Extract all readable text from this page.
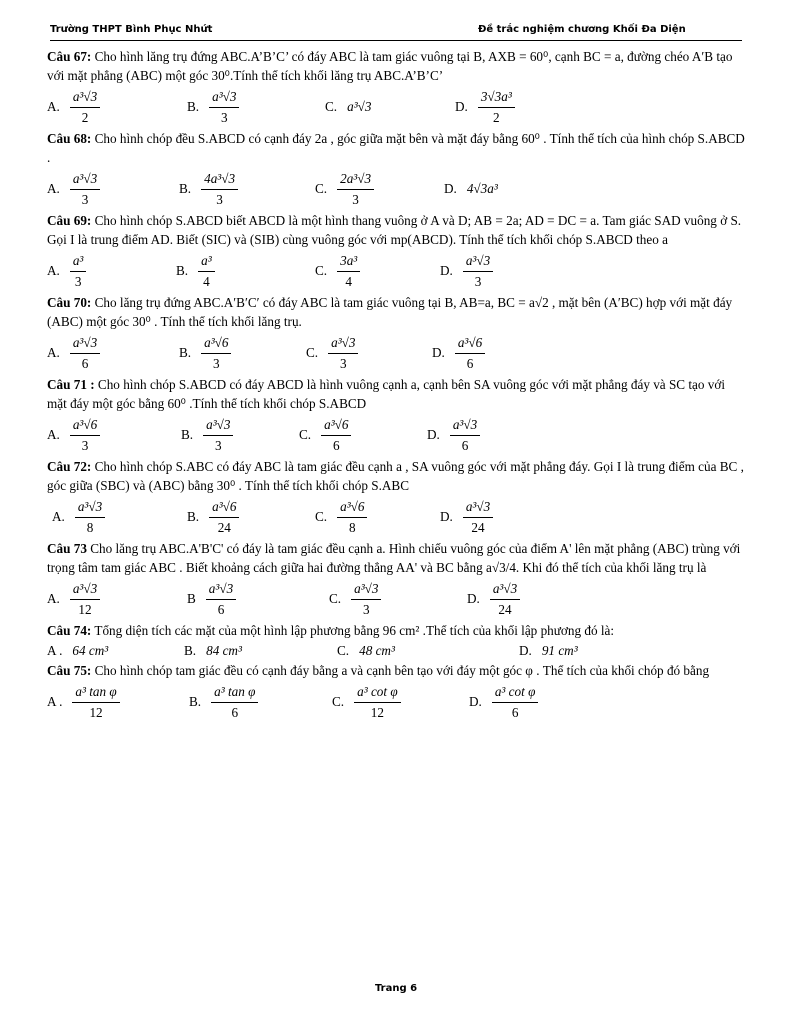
Trường THPT Bình Phục Nhứt	Đề trắc nghiệm chương Khối Đa Diện

Câu 67: Cho hình lăng trụ đứng ABC.A’B’C’ có đáy ABC là tam giác vuông tại B, AXB = 60⁰, cạnh BC = a, đường chéo A′B tạo với mặt phẳng (ABC) một góc 30⁰.Tính thể tích khối lăng trụ ABC.A’B’C’

A. $\frac{\text{a³√3}}{2}$	B. $\frac{\text{a³√3}}{3}$	C. a³√3	D. $\frac{\text{3√3a³}}{2}$

Câu 68: Cho hình chóp đều S.ABCD có cạnh đáy 2a , góc giữa mặt bên và mặt đáy bằng 60⁰ . Tính thể tích của hình chóp S.ABCD .

A. $\frac{\text{a³√3}}{3}$	B. $\frac{\text{4a³√3}}{3}$	C. $\frac{\text{2a³√3}}{3}$	D. 4√3a³

Câu 69: Cho hình chóp S.ABCD biết ABCD là một hình thang vuông ở A và D; AB = 2a; AD = DC = a. Tam giác SAD vuông ở S. Gọi I là trung điểm AD. Biết (SIC) và (SIB) cùng vuông góc với mp(ABCD). Tính thể tích khối chóp S.ABCD theo a

A. $\frac{\text{a³}}{3}$	B. $\frac{\text{a³}}{4}$	C. $\frac{\text{3a³}}{4}$	D. $\frac{\text{a³√3}}{3}$

Câu 70: Cho lăng trụ đứng ABC.A′B′C′ có đáy ABC là tam giác vuông tại B, AB=a, BC = a√2 , mặt bên (A′BC) hợp với mặt đáy (ABC) một góc 30⁰ . Tính thể tích khối lăng trụ.

A. $\frac{\text{a³√3}}{6}$	B. $\frac{\text{a³√6}}{3}$	C. $\frac{\text{a³√3}}{3}$	D. $\frac{\text{a³√6}}{6}$

Câu 71 : Cho hình chóp S.ABCD có đáy ABCD là hình vuông cạnh a, cạnh bên SA vuông góc với mặt phẳng đáy và SC tạo với mặt đáy một góc bằng 60⁰ .Tính thể tích khối chóp S.ABCD

A. $\frac{\text{a³√6}}{3}$	B. $\frac{\text{a³√3}}{3}$	C. $\frac{\text{a³√6}}{6}$	D. $\frac{\text{a³√3}}{6}$

Câu 72: Cho hình chóp S.ABC có đáy ABC là tam giác đều cạnh a , SA vuông góc với mặt phẳng đáy. Gọi I là trung điểm của BC , góc giữa (SBC) và (ABC) bằng 30⁰ . Tính thể tích khối chóp S.ABC

A. $\frac{\text{a³√3}}{8}$	B. $\frac{\text{a³√6}}{24}$	C. $\frac{\text{a³√6}}{8}$	D. $\frac{\text{a³√3}}{24}$

Câu 73 Cho lăng trụ ABC.A'B'C' có đáy là tam giác đều cạnh a. Hình chiếu vuông góc của điểm A' lên mặt phẳng (ABC) trùng với trọng tâm tam giác ABC . Biết khoảng cách giữa hai đường thẳng AA' và BC bằng a√3/4. Khi đó thể tích của khối lăng trụ là

A. $\frac{\text{a³√3}}{12}$	B $\frac{\text{a³√3}}{6}$	C. $\frac{\text{a³√3}}{3}$	D. $\frac{\text{a³√3}}{24}$

Câu 74: Tổng diện tích các mặt của một hình lập phương bằng 96 cm² .Thể tích của khối lập phương đó là:

A . 64 cm³	B. 84 cm³	C. 48 cm³	D. 91 cm³

Câu 75: Cho hình chóp tam giác đều có cạnh đáy bằng a và cạnh bên tạo với đáy một góc φ . Thể tích của khối chóp đó bằng

A . $\frac{\text{a³ tan φ}}{12}$	B. $\frac{\text{a³ tan φ}}{6}$	C. $\frac{\text{a³ cot φ}}{12}$	D. $\frac{\text{a³ cot φ}}{6}$
Trang 6
